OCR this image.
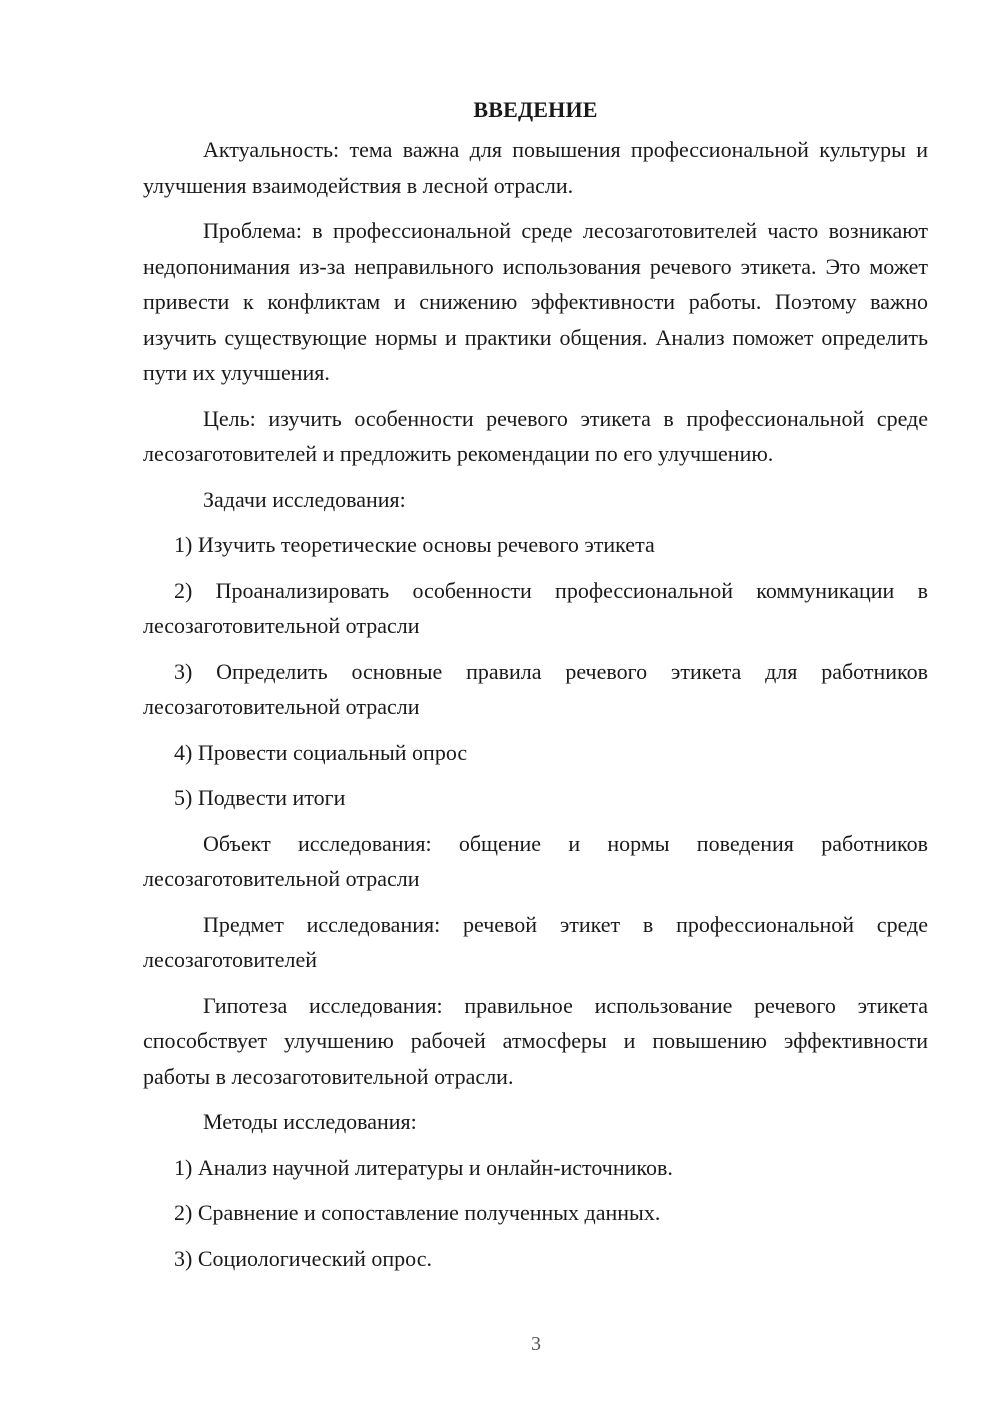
ВВЕДЕНИЕ

Актуальность: тема важна для повышения профессиональной культуры и улучшения взаимодействия в лесной отрасли.

Проблема: в профессиональной среде лесозаготовителей часто возникают недопонимания из-за неправильного использования речевого этикета. Это может привести к конфликтам и снижению эффективности работы. Поэтому важно изучить существующие нормы и практики общения. Анализ поможет определить пути их улучшения.

Цель: изучить особенности речевого этикета в профессиональной среде лесозаготовителей и предложить рекомендации по его улучшению.

Задачи исследования:

1) Изучить теоретические основы речевого этикета

2) Проанализировать особенности профессиональной коммуникации в лесозаготовительной отрасли

3) Определить основные правила речевого этикета для работников лесозаготовительной отрасли

4) Провести социальный опрос

5) Подвести итоги

Объект исследования: общение и нормы поведения работников лесозаготовительной отрасли

Предмет исследования: речевой этикет в профессиональной среде лесозаготовителей

Гипотеза исследования: правильное использование речевого этикета способствует улучшению рабочей атмосферы и повышению эффективности работы в лесозаготовительной отрасли.

Методы исследования:

1) Анализ научной литературы и онлайн-источников.

2) Сравнение и сопоставление полученных данных.

3) Социологический опрос.

3
